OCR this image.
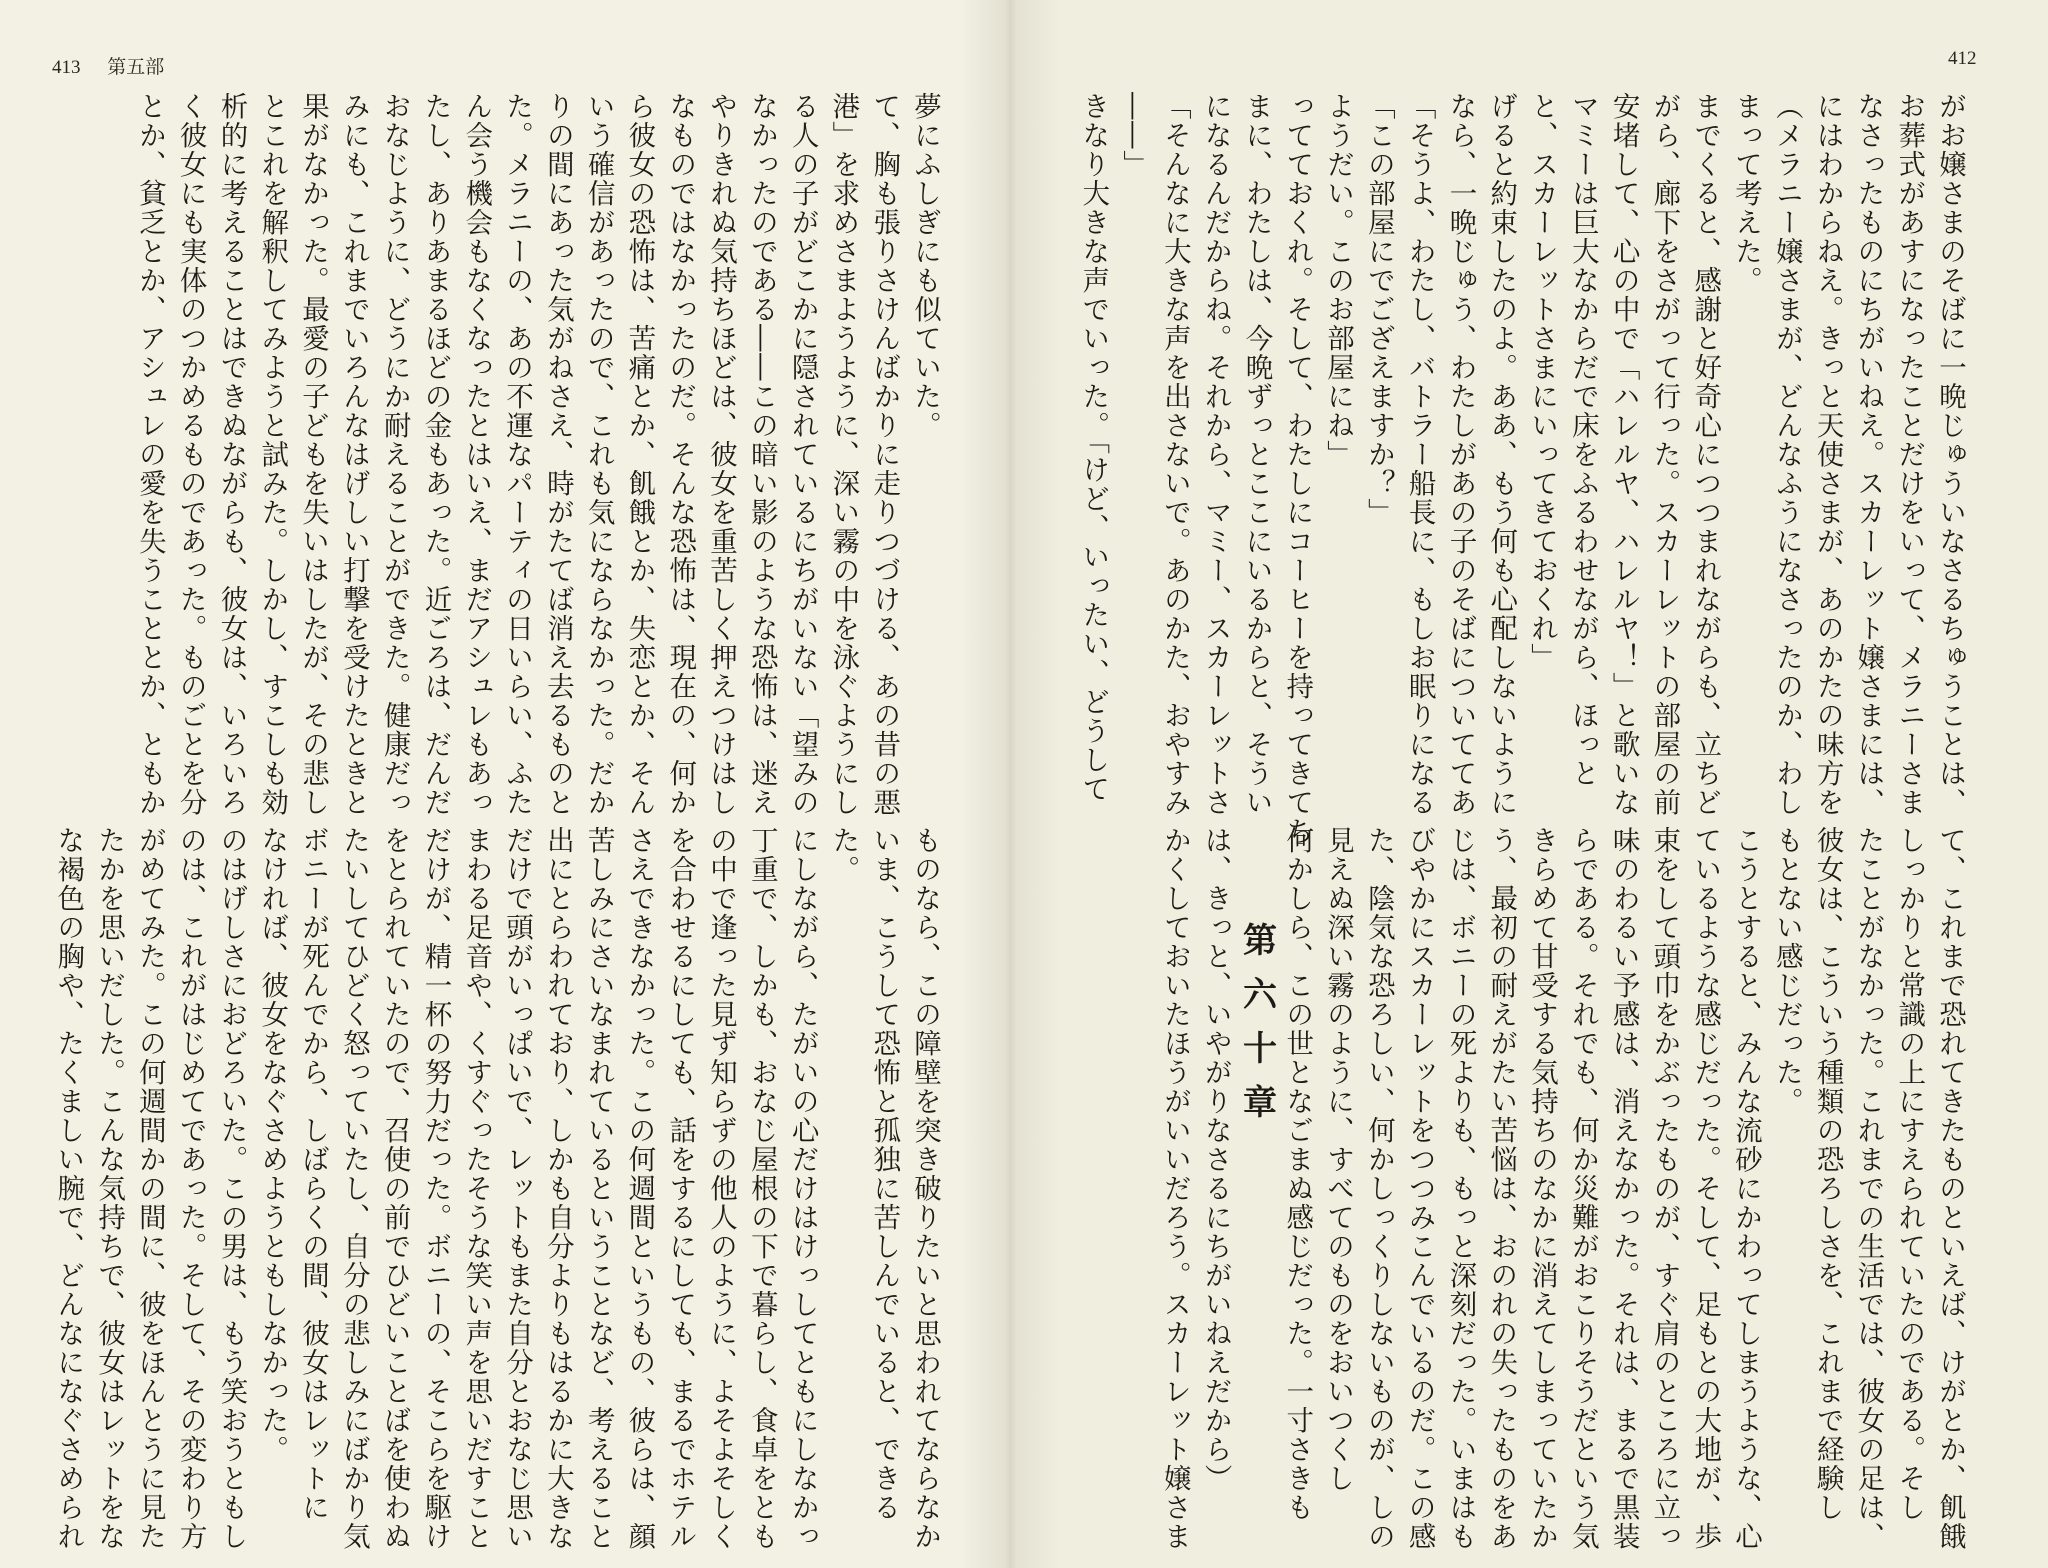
413 第五部	412
夢にふしぎにも似ていた。
て、胸も張りさけんばかりに走りつづける、あの昔の悪
港」を求めさまようように、深い霧の中を泳ぐようにし
る人の子がどこかに隠されているにちがいない「望みの
なかったのである――この暗い影のような恐怖は、迷え
やりきれぬ気持ちほどは、彼女を重苦しく押えつけはし
なものではなかったのだ。そんな恐怖は、現在の、何か
ら彼女の恐怖は、苦痛とか、飢餓とか、失恋とか、そん
いう確信があったので、これも気にならなかった。だか
りの間にあった気がねさえ、時がたてば消え去るものと
た。メラニーの、あの不運なパーティの日いらい、ふた
ん会う機会もなくなったとはいえ、まだアシュレもあっ
たし、ありあまるほどの金もあった。近ごろは、だんだ
おなじように、どうにか耐えることができた。健康だっ
みにも、これまでいろんなはげしい打撃を受けたときと
果がなかった。最愛の子どもを失いはしたが、その悲し
とこれを解釈してみようと試みた。しかし、すこしも効
析的に考えることはできぬながらも、彼女は、いろいろ
く彼女にも実体のつかめるものであった。ものごとを分
とか、貧乏とか、アシュレの愛を失うこととか、ともか
ものなら、この障壁を突き破りたいと思われてならなか
いま、こうして恐怖と孤独に苦しんでいると、できる
た。
にしながら、たがいの心だけはけっしてともにしなかっ
丁重で、しかも、おなじ屋根の下で暮らし、食卓をとも
の中で逢った見ず知らずの他人のように、よそよそしく
を合わせるにしても、話をするにしても、まるでホテル
さえできなかった。この何週間というもの、彼らは、顔
苦しみにさいなまれているということなど、考えること
出にとらわれており、しかも自分よりもはるかに大きな
だけで頭がいっぱいで、レットもまた自分とおなじ思い
まわる足音や、くすぐったそうな笑い声を思いだすこと
だけが、精一杯の努力だった。ボニーの、そこらを駆け
をとられていたので、召使の前でひどいことばを使わぬ
たいしてひどく怒っていたし、自分の悲しみにばかり気
ボニーが死んでから、しばらくの間、彼女はレットに
なければ、彼女をなぐさめようともしなかった。
のはげしさにおどろいた。この男は、もう笑おうともし
のは、これがはじめてであった。そして、その変わり方
がめてみた。この何週間かの間に、彼をほんとうに見た
たかを思いだした。こんな気持ちで、彼女はレットをな
な褐色の胸や、たくましい腕で、どんなになぐさめられ
がお嬢さまのそばに一晩じゅういなさるちゅうことは、
お葬式があすになったことだけをいって、メラニーさま
なさったものにちがいねえ。スカーレット嬢さまには、
にはわからねえ。きっと天使さまが、あのかたの味方を
（メラニー嬢さまが、どんなふうになさったのか、わし
まって考えた。
までくると、感謝と好奇心につつまれながらも、立ちど
がら、廊下をさがって行った。スカーレットの部屋の前
安堵して、心の中で「ハレルヤ、ハレルヤ！」と歌いな
マミーは巨大なからだで床をふるわせながら、ほっと
と、スカーレットさまにいってきておくれ」
げると約束したのよ。ああ、もう何も心配しないように
なら、一晩じゅう、わたしがあの子のそばについててあ
「そうよ、わたし、バトラー船長に、もしお眠りになる
「この部屋にでござえますか？」
ようだい。このお部屋にね」
ってておくれ。そして、わたしにコーヒーを持ってきてち
まに、わたしは、今晩ずっとここにいるからと、そうい
になるんだからね。それから、マミー、スカーレットさ
「そんなに大きな声を出さないで。あのかた、おやすみ
――」
きなり大きな声でいった。「けど、いったい、どうして
て、これまで恐れてきたものといえば、けがとか、飢餓
しっかりと常識の上にすえられていたのである。そし
たことがなかった。これまでの生活では、彼女の足は、
彼女は、こういう種類の恐ろしさを、これまで経験し
もとない感じだった。
こうとすると、みんな流砂にかわってしまうような、心
ているような感じだった。そして、足もとの大地が、歩
束をして頭巾をかぶったものが、すぐ肩のところに立っ
味のわるい予感は、消えなかった。それは、まるで黒装
らである。それでも、何か災難がおこりそうだという気
きらめて甘受する気持ちのなかに消えてしまっていたか
う、最初の耐えがたい苦悩は、おのれの失ったものをあ
じは、ボニーの死よりも、もっと深刻だった。いまはも
びやかにスカーレットをつつみこんでいるのだ。この感
た、陰気な恐ろしい、何かしっくりしないものが、しの
見えぬ深い霧のように、すべてのものをおいつくし
何かしら、この世となごまぬ感じだった。一寸さきも
第六十章
は、きっと、いやがりなさるにちがいねえだから）
かくしておいたほうがいいだろう。スカーレット嬢さま
